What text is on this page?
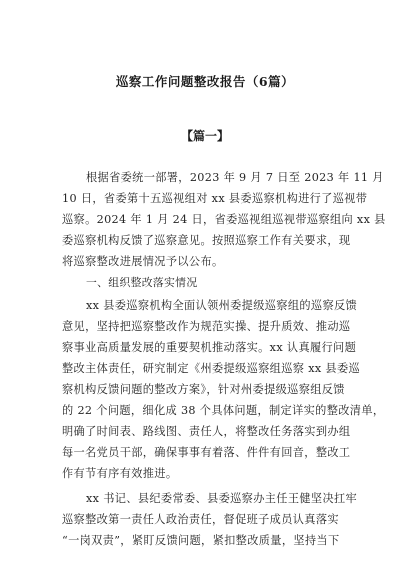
巡察工作问题整改报告（6篇）
【篇一】
根据省委统一部署，2023 年 9 月 7 日至 2023 年 11 月
10 日，省委第十五巡视组对 xx 县委巡察机构进行了巡视带
巡察。2024 年 1 月 24 日，省委巡视组巡视带巡察组向 xx 县
委巡察机构反馈了巡察意见。按照巡察工作有关要求，现
将巡察整改进展情况予以公布。
一、组织整改落实情况
xx 县委巡察机构全面认领州委提级巡察组的巡察反馈
意见，坚持把巡察整改作为规范实操、提升质效、推动巡
察事业高质量发展的重要契机推动落实。xx 认真履行问题
整改主体责任，研究制定《州委提级巡察组巡察 xx 县委巡
察机构反馈问题的整改方案》，针对州委提级巡察组反馈
的 22 个问题，细化成 38 个具体问题，制定详实的整改清单，
明确了时间表、路线图、责任人，将整改任务落实到办组
每一名党员干部，确保事事有着落、件件有回音，整改工
作有节有序有效推进。
xx 书记、县纪委常委、县委巡察办主任王健坚决扛牢
巡察整改第一责任人政治责任，督促班子成员认真落实
“一岗双责”，紧盯反馈问题，紧扣整改质量，坚持当下
